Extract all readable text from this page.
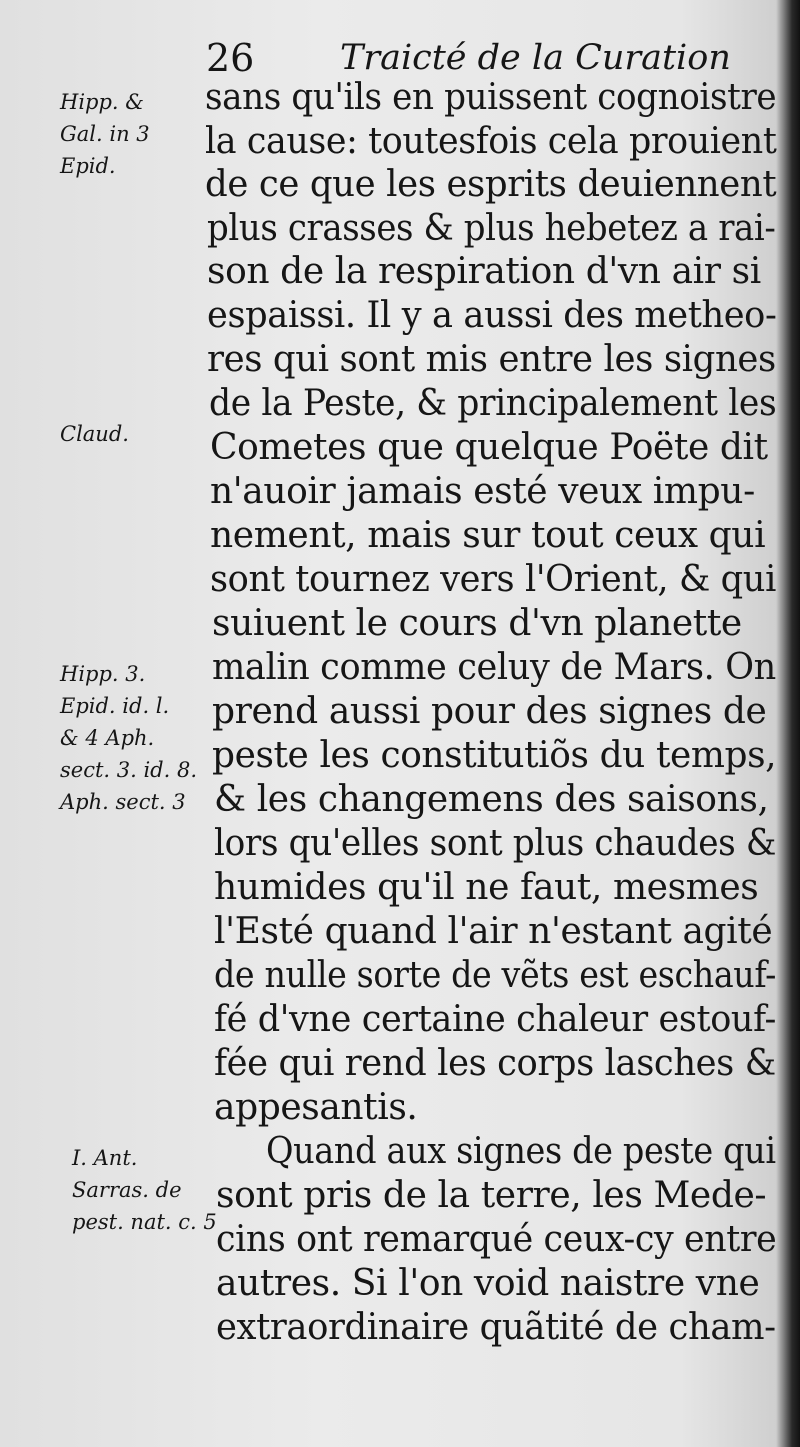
26 Traicté de la Curation
Hipp. &
Gal. in 3
Epid.
Claud.
Hipp. 3.
Epid. id. l.
& 4 Aph.
sect. 3. id. 8.
Aph. sect. 3
I. Ant.
Sarras. de
pest. nat. c. 5
sans qu'ils en puissent cognoistre
la cause: toutesfois cela prouient
de ce que les esprits deuiennent
plus crasses & plus hebetez a rai-
son de la respiration d'vn air si
espaissi. Il y a aussi des metheo-
res qui sont mis entre les signes
de la Peste, & principalement les
Cometes que quelque Poëte dit
n'auoir jamais esté veux impu-
nement, mais sur tout ceux qui
sont tournez vers l'Orient, & qui
suiuent le cours d'vn planette
malin comme celuy de Mars. On
prend aussi pour des signes de
peste les constitutiõs du temps,
& les changemens des saisons,
lors qu'elles sont plus chaudes &
humides qu'il ne faut, mesmes
l'Esté quand l'air n'estant agité
de nulle sorte de vẽts est eschauf-
fé d'vne certaine chaleur estouf-
fée qui rend les corps lasches &
appesantis.
Quand aux signes de peste qui
sont pris de la terre, les Mede-
cins ont remarqué ceux-cy entre
autres. Si l'on void naistre vne
extraordinaire quãtité de cham-
